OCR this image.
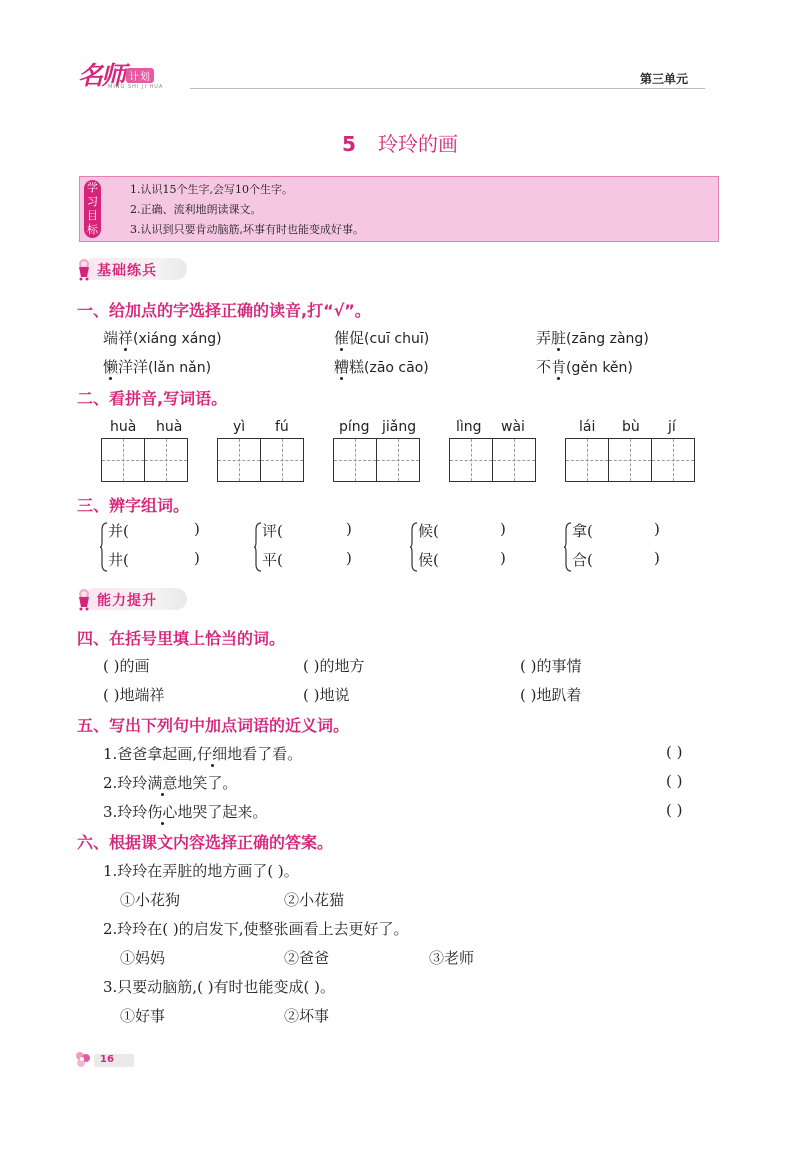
名师 计划
MING SHI JI HUA
第三单元
5 玲玲的画
学
习
目
标
1.认识15个生字,会写10个生字。
2.正确、流利地朗读课文。
3.认识到只要肯动脑筋,坏事有时也能变成好事。
基础练兵
一、给加点的字选择正确的读音,打“√”。
端祥(xiáng xáng)	催促(cuī chuī)	弄脏(zāng zàng)
懒洋洋(lǎn nǎn)	糟糕(zāo cāo)	不肯(gěn kěn)
二、看拼音,写词语。
huà huà	yì fú	píng jiǎng	lìng wài	lái bù jí
三、辨字组词。
并(	)
井(	)
评(	)
平(	)
候(	)
侯(	)
拿(	)
合(	)
能力提升
四、在括号里填上恰当的词。
( )的画	( )的地方	( )的事情
( )地端祥	( )地说	( )地趴着
五、写出下列句中加点词语的近义词。
1.爸爸拿起画,仔细地看了看。	( )
2.玲玲满意地笑了。	( )
3.玲玲伤心地哭了起来。	( )
六、根据课文内容选择正确的答案。
1.玲玲在弄脏的地方画了( )。
①小花狗	②小花猫
2.玲玲在( )的启发下,使整张画看上去更好了。
①妈妈	②爸爸	③老师
3.只要动脑筋,( )有时也能变成( )。
①好事	②坏事
16
